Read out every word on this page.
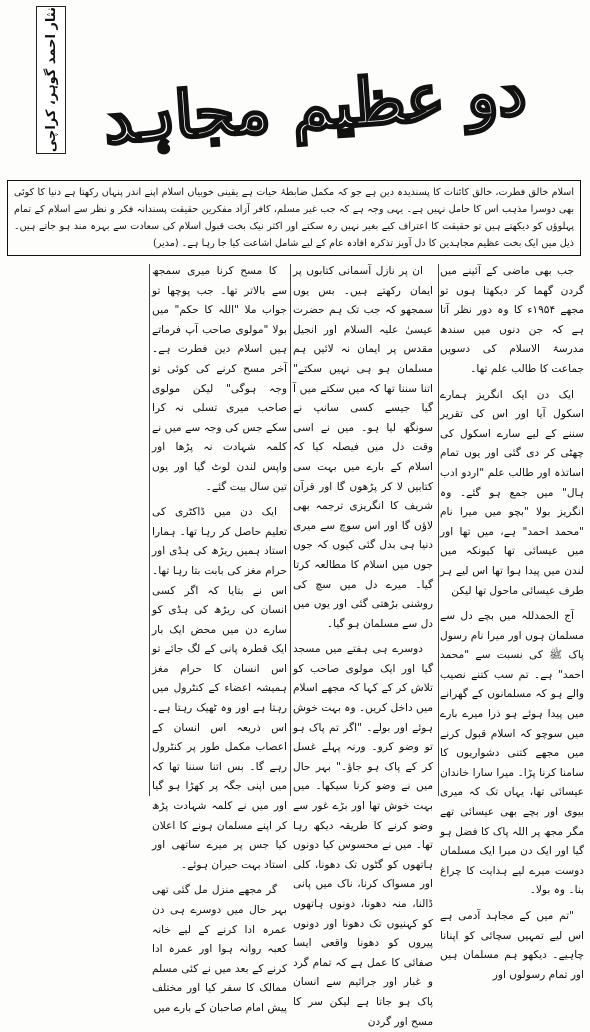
نثار احمد گوہر، کراچی دو عظیم مجاہد
اسلام خالق فطرت، خالق کائنات کا پسندیدہ دین ہے جو کہ مکمل ضابطۂ حیات ہے یقینی خوبیاں اسلام اپنے اندر پنہاں رکھتا ہے دنیا کا کوئی بھی دوسرا مذہب اس کا حامل نہیں ہے۔ یہی وجہ ہے کہ جب غیر مسلم، کافر آزاد مفکرین حقیقت پسندانہ فکر و نظر سے اسلام کے تمام پہلوؤں کو دیکھتے ہیں تو حقیقت کا اعتراف کیے بغیر نہیں رہ سکتے اور اکثر نیک بخت قبول اسلام کی سعادت سے بہرہ مند ہو جاتے ہیں۔ ذیل میں ایک بخت عظیم مجاہدین کا دل آویز تذکرہ افادہ عام کے لیے شامل اشاعت کیا جا رہا ہے۔ (مدیر)

جب بھی ماضی کے آئینے میں گردن گھما کر دیکھتا ہوں تو مجھے ۱۹۵۴ء کا وہ دور نظر آتا ہے کہ جن دنوں میں سندھ مدرسۃ الاسلام کی دسویں جماعت کا طالب علم تھا۔

ایک دن ایک انگریز ہمارے اسکول آیا اور اس کی تقریر سننے کے لیے سارے اسکول کی چھٹی کر دی گئی اور یوں تمام اساتذہ اور طالب علم "اردو ادب ہال" میں جمع ہو گئے۔ وہ انگریز بولا "بچو میں میرا نام "محمد احمد" ہے، میں تھا اور میں عیسائی تھا کیونکہ میں لندن میں پیدا ہوا تھا اس لیے ہر طرف عیسائی ماحول تھا لیکن

آج الحمدللہ میں بچے دل سے مسلمان ہوں اور میرا نام رسول پاک ﷺ کی نسبت سے "محمد احمد" ہے۔ تم سب کتنے نصیب والے ہو کہ مسلمانوں کے گھرانے میں پیدا ہوئے ہو ذرا میرے بارے میں سوچو کہ اسلام قبول کرنے میں مجھے کتنی دشواریوں کا سامنا کرنا پڑا۔ میرا سارا خاندان عیسائی تھا، یہاں تک کہ میری بیوی اور بچے بھی عیسائی تھے مگر مجھ پر اللہ پاک کا فضل ہو گیا اور ایک دن میرا ایک مسلمان دوست میرے لیے ہدایت کا چراغ بنا۔ وہ بولا۔

"تم میں کے مجاہد آدمی ہے اس لیے تمہیں سچائی کو اپنانا چاہیے۔ دیکھو ہم مسلمان ہیں اور تمام رسولوں اور

ان پر نازل آسمانی کتابوں پر ایمان رکھتے ہیں۔ بس یوں سمجھو کہ جب تک ہم حضرت عیسیٰ علیہ السلام اور انجیل مقدس پر ایمان نہ لائیں ہم مسلمان ہو ہی نہیں سکتے" اتنا سننا تھا کہ میں سکتے میں آ گیا جیسے کسی سانپ نے سونگھ لیا ہو۔ میں نے اسی وقت دل میں فیصلہ کیا کہ اسلام کے بارے میں بہت سی کتابیں لا کر پڑھوں گا اور قرآن شریف کا انگریزی ترجمہ بھی لاؤں گا اور اس سوچ سے میری دنیا ہی بدل گئی کیوں کہ جوں جوں میں اسلام کا مطالعہ کرتا گیا۔ میرے دل میں سچ کی روشنی بڑھتی گئی اور یوں میں دل سے مسلمان ہو گیا۔

دوسرے ہی ہفتے میں مسجد گیا اور ایک مولوی صاحب کو تلاش کر کے کہا کہ مجھے اسلام میں داخل کریں۔ وہ بہت خوش ہوئے اور بولے۔ "اگر تم پاک ہو تو وضو کرو۔ ورنہ پہلے غسل کر کے پاک ہو جاؤ۔" بہر حال میں نے وضو کرنا سیکھا۔ میں بہت خوش تھا اور بڑے غور سے وضو کرنے کا طریقہ دیکھ رہا تھا۔ میں نے محسوس کیا دونوں ہاتھوں کو گٹوں تک دھونا، کلی اور مسواک کرنا، ناک میں پانی ڈالنا، منہ دھونا، دونوں ہاتھوں کو کہنیوں تک دھونا اور دونوں پیروں کو دھونا واقعی ایسا صفائی کا عمل ہے کہ تمام گرد و غبار اور جراثیم سے انسان پاک ہو جاتا ہے لیکن سر کا مسح اور گردن

کا مسح کرنا میری سمجھ سے بالاتر تھا۔ جب پوچھا تو جواب ملا "اللہ کا حکم" میں بولا "مولوی صاحب آپ فرماتے ہیں اسلام دین فطرت ہے۔ آخر مسح کرنے کی کوئی تو وجہ ہوگی" لیکن مولوی صاحب میری تسلی نہ کرا سکے جس کی وجہ سے میں نے کلمہ شہادت نہ پڑھا اور واپس لندن لوٹ گیا اور یوں تین سال بیت گئے۔

ایک دن میں ڈاکٹری کی تعلیم حاصل کر رہا تھا۔ ہمارا استاد ہمیں ریڑھ کی ہڈی اور حرام مغز کی بابت بتا رہا تھا۔ اس نے بتایا کہ اگر کسی انسان کی ریڑھ کی ہڈی کو سارے دن میں محض ایک بار ایک قطرہ پانی کے لگ جائے تو اس انسان کا حرام مغز ہمیشہ اعضاء کے کنٹرول میں رہتا ہے اور وہ ٹھیک رہتا ہے۔ اس ذریعہ اس انسان کے اعصاب مکمل طور پر کنٹرول رہے گا۔ بس اتنا سننا تھا کہ میں اپنی جگہ پر کھڑا ہو گیا اور میں نے کلمہ شہادت پڑھ کر اپنے مسلمان ہونے کا اعلان کیا جس پر میرے ساتھی اور استاد بہت حیران ہوئے۔

گر مجھے منزل مل گئی تھی بہر حال میں دوسرے ہی دن عمرہ ادا کرنے کے لیے خانہ کعبہ روانہ ہوا اور عمرہ ادا کرنے کے بعد میں نے کئی مسلم ممالک کا سفر کیا اور مختلف پیش امام صاحبان کے بارے میں
